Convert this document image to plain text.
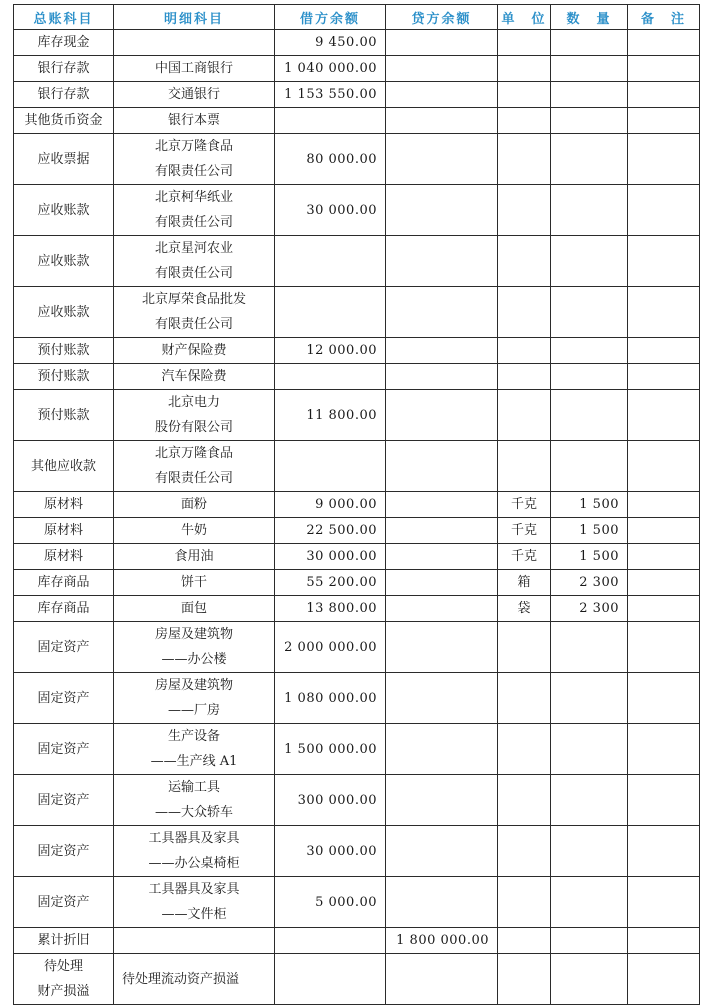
总账科目	明细科目	借方余额	贷方余额	单　位	数　量	备　注

库存现金		9 450.00				

银行存款	中国工商银行	1 040 000.00				

银行存款	交通银行	1 153 550.00				

其他货币资金	银行本票					

应收票据	北京万隆食品
有限责任公司	80 000.00				

应收账款	北京柯华纸业
有限责任公司	30 000.00				

应收账款	北京星河农业
有限责任公司					

应收账款	北京厚荣食品批发
有限责任公司					

预付账款	财产保险费	12 000.00				

预付账款	汽车保险费					

预付账款	北京电力
股份有限公司	11 800.00				

其他应收款	北京万隆食品
有限责任公司					

原材料	面粉	9 000.00		千克	1 500	

原材料	牛奶	22 500.00		千克	1 500	

原材料	食用油	30 000.00		千克	1 500	

库存商品	饼干	55 200.00		箱	2 300	

库存商品	面包	13 800.00		袋	2 300	

固定资产	房屋及建筑物
——办公楼	2 000 000.00				

固定资产	房屋及建筑物
——厂房	1 080 000.00				

固定资产	生产设备
——生产线 A1	1 500 000.00				

固定资产	运输工具
——大众轿车	300 000.00				

固定资产	工具器具及家具
——办公桌椅柜	30 000.00				

固定资产	工具器具及家具
——文件柜	5 000.00				

累计折旧			1 800 000.00			

待处理
财产损溢	待处理流动资产损溢					
